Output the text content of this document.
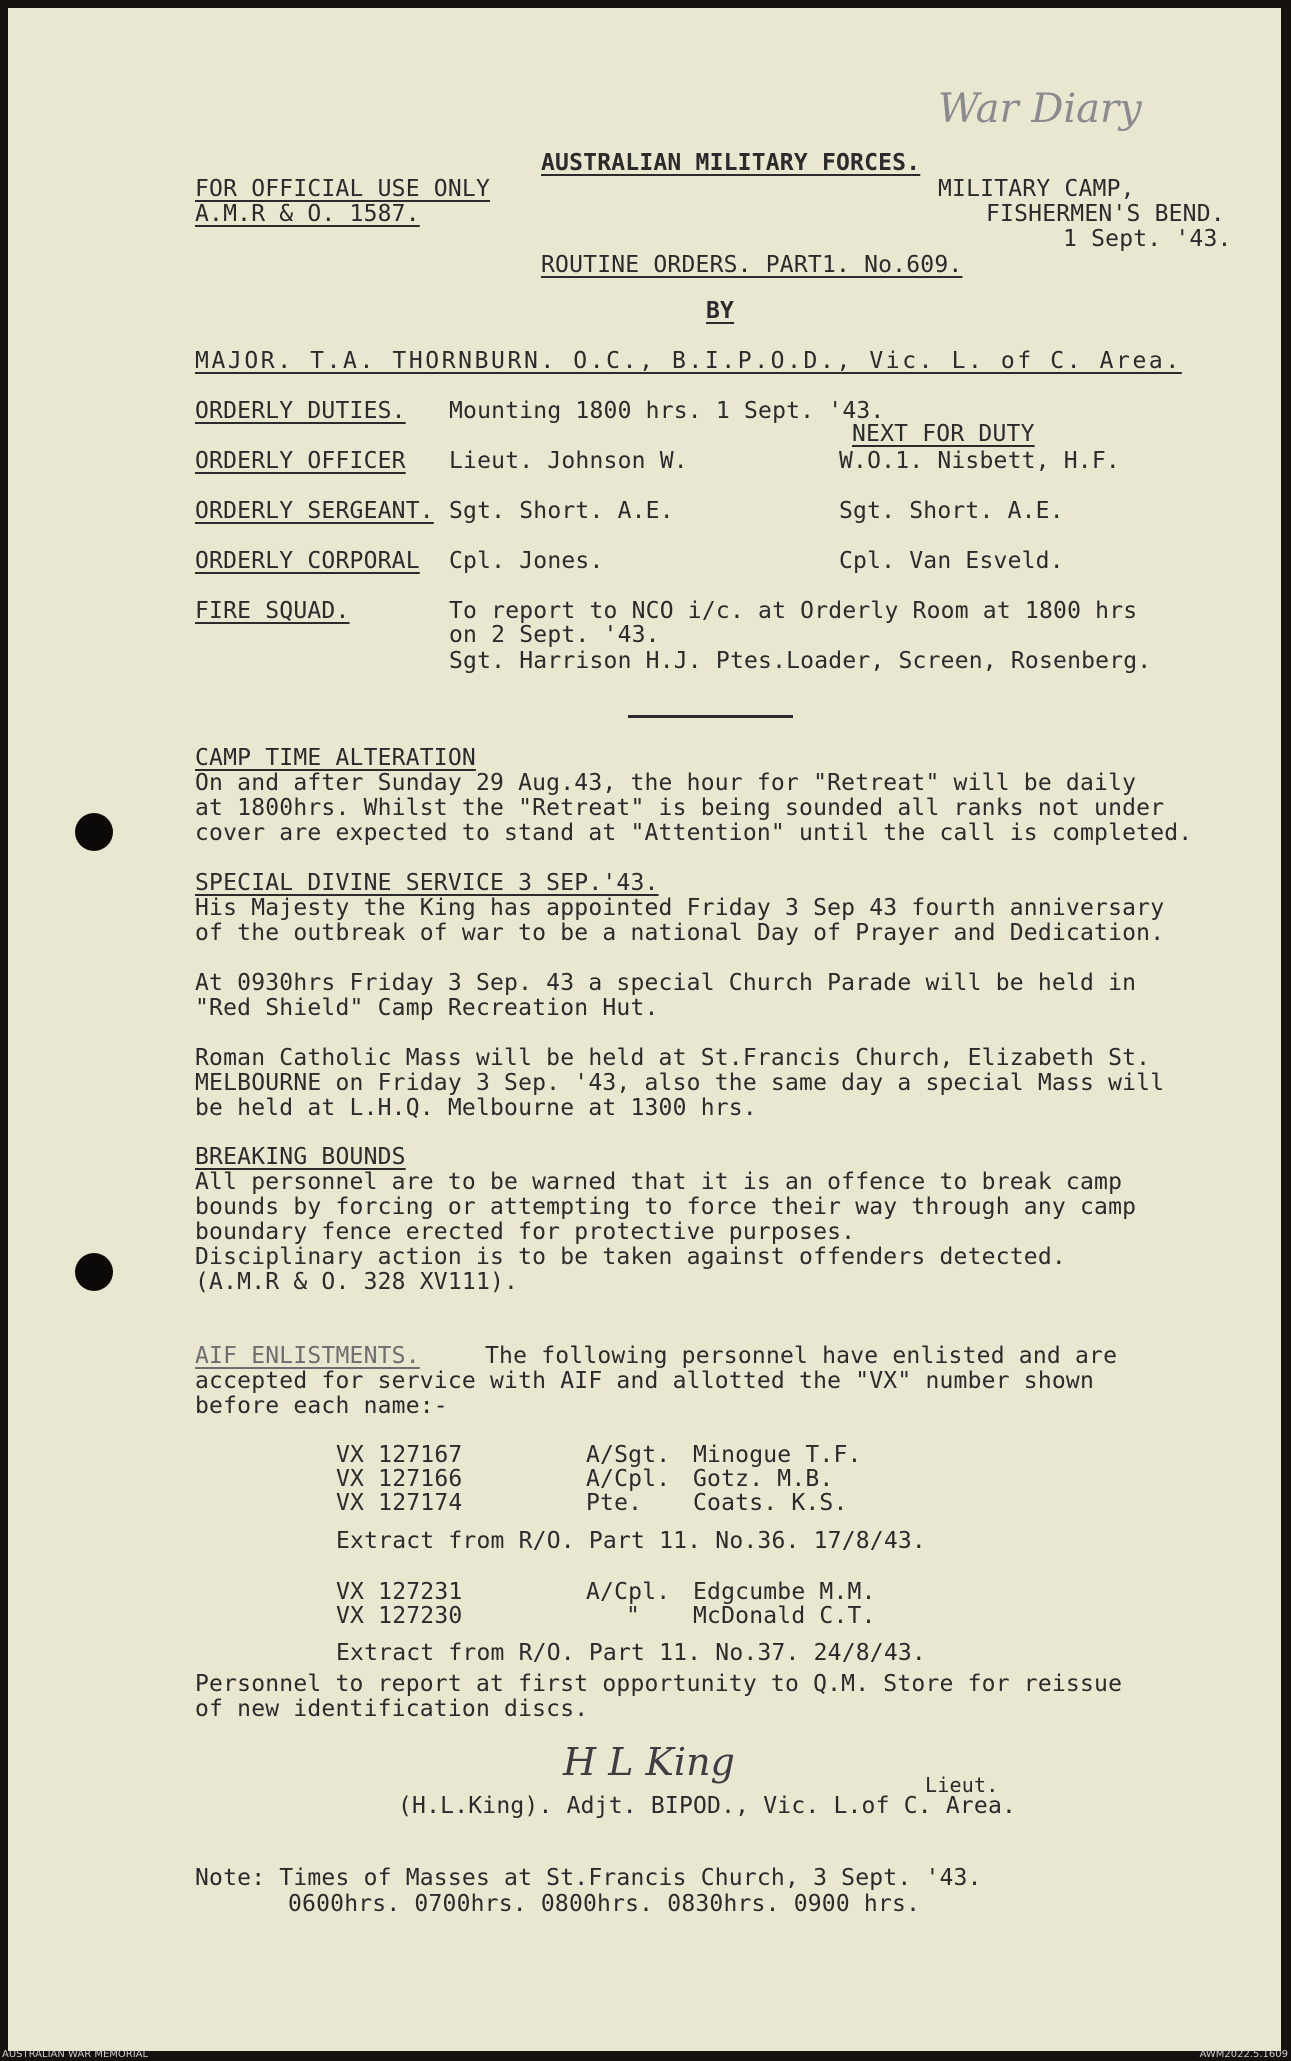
War Diary
AUSTRALIAN MILITARY FORCES.
FOR OFFICIAL USE ONLY
A.M.R & O. 1587.
MILITARY CAMP,
FISHERMEN'S BEND.
1 Sept. '43.
ROUTINE ORDERS. PART1. No.609.
BY
MAJOR. T.A. THORNBURN. O.C., B.I.P.O.D., Vic. L. of C. Area.
ORDERLY DUTIES. Mounting 1800 hrs. 1 Sept. '43.
NEXT FOR DUTY
ORDERLY OFFICER Lieut. Johnson W.	W.O.1. Nisbett, H.F.
ORDERLY SERGEANT. Sgt. Short. A.E.	Sgt. Short. A.E.
ORDERLY CORPORAL Cpl. Jones.	Cpl. Van Esveld.
FIRE SQUAD.	To report to NCO i/c. at Orderly Room at 1800 hrs
on 2 Sept. '43.
Sgt. Harrison H.J. Ptes.Loader, Screen, Rosenberg.
CAMP TIME ALTERATION
On and after Sunday 29 Aug.43, the hour for "Retreat" will be daily
at 1800hrs. Whilst the "Retreat" is being sounded all ranks not under
cover are expected to stand at "Attention" until the call is completed.
SPECIAL DIVINE SERVICE 3 SEP.'43.
His Majesty the King has appointed Friday 3 Sep 43 fourth anniversary
of the outbreak of war to be a national Day of Prayer and Dedication.
At 0930hrs Friday 3 Sep. 43 a special Church Parade will be held in
"Red Shield" Camp Recreation Hut.
Roman Catholic Mass will be held at St.Francis Church, Elizabeth St.
MELBOURNE on Friday 3 Sep. '43, also the same day a special Mass will
be held at L.H.Q. Melbourne at 1300 hrs.
BREAKING BOUNDS
All personnel are to be warned that it is an offence to break camp
bounds by forcing or attempting to force their way through any camp
boundary fence erected for protective purposes.
Disciplinary action is to be taken against offenders detected.
(A.M.R & O. 328 XV111).
AIF ENLISTMENTS.	The following personnel have enlisted and are
accepted for service with AIF and allotted the "VX" number shown
before each name:-
VX 127167	A/Sgt. Minogue T.F.
VX 127166	A/Cpl. Gotz. M.B.
VX 127174	Pte. Coats. K.S.
Extract from R/O. Part 11. No.36. 17/8/43.
VX 127231	A/Cpl. Edgcumbe M.M.
VX 127230	" McDonald C.T.
Extract from R/O. Part 11. No.37. 24/8/43.
Personnel to report at first opportunity to Q.M. Store for reissue
of new identification discs.
H L King
Lieut.
(H.L.King). Adjt. BIPOD., Vic. L.of C. Area.
Note: Times of Masses at St.Francis Church, 3 Sept. '43.
0600hrs. 0700hrs. 0800hrs. 0830hrs. 0900 hrs.
AUSTRALIAN WAR MEMORIAL	AWM2022.5.1609
